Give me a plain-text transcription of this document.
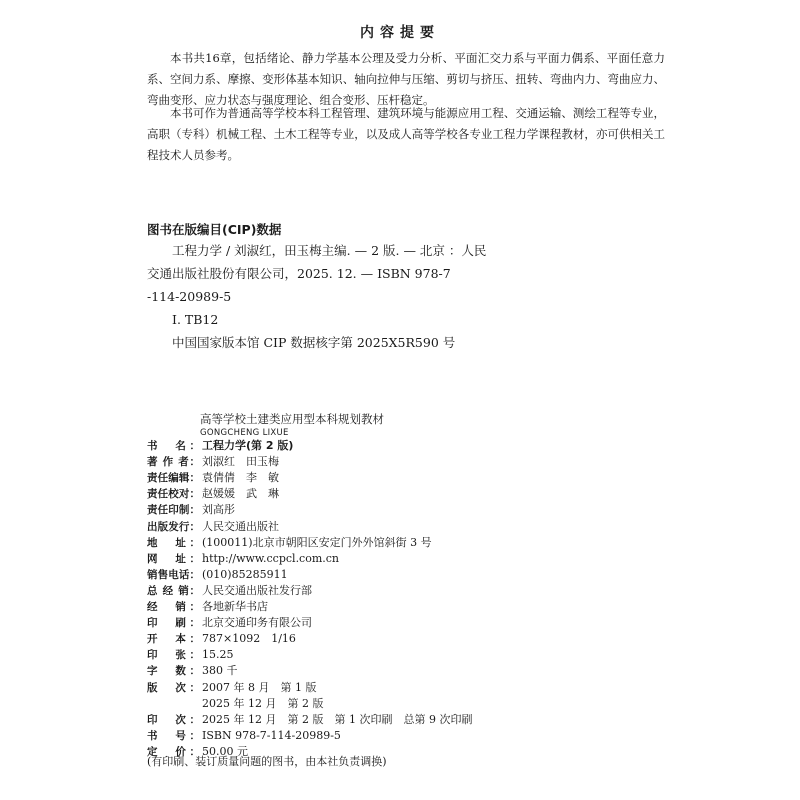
内容提要
本书共16章，包括绪论、静力学基本公理及受力分析、平面汇交力系与平面力偶系、平面任意力系、空间力系、摩擦、变形体基本知识、轴向拉伸与压缩、剪切与挤压、扭转、弯曲内力、弯曲应力、弯曲变形、应力状态与强度理论、组合变形、压杆稳定。
本书可作为普通高等学校本科工程管理、建筑环境与能源应用工程、交通运输、测绘工程等专业，高职（专科）机械工程、土木工程等专业，以及成人高等学校各专业工程力学课程教材，亦可供相关工程技术人员参考。
图书在版编目(CIP)数据
工程力学 / 刘淑红，田玉梅主编. — 2 版. — 北京 ：人民
交通出版社股份有限公司，2025. 12. — ISBN 978-7
-114-20989-5
Ⅰ. TB12
中国国家版本馆 CIP 数据核字第 2025X5R590 号
高等学校土建类应用型本科规划教材
GONGCHENG LIXUE
书　名： 工程力学(第 2 版)
著 作 者： 刘淑红　田玉梅
责任编辑： 袁倩倩　李　敏
责任校对： 赵媛媛　武　琳
责任印制： 刘高彤
出版发行： 人民交通出版社
地　址： (100011)北京市朝阳区安定门外外馆斜街 3 号
网　址： http://www.ccpcl.com.cn
销售电话： (010)85285911
总 经 销： 人民交通出版社发行部
经　销： 各地新华书店
印　刷： 北京交通印务有限公司
开　本： 787×1092　1/16
印　张： 15.25
字　数： 380 千
版　次： 2007 年 8 月　第 1 版
2025 年 12 月　第 2 版
印　次： 2025 年 12 月　第 2 版　第 1 次印刷　总第 9 次印刷
书　号： ISBN 978-7-114-20989-5
定　价： 50.00 元
(有印刷、装订质量问题的图书，由本社负责调换)
